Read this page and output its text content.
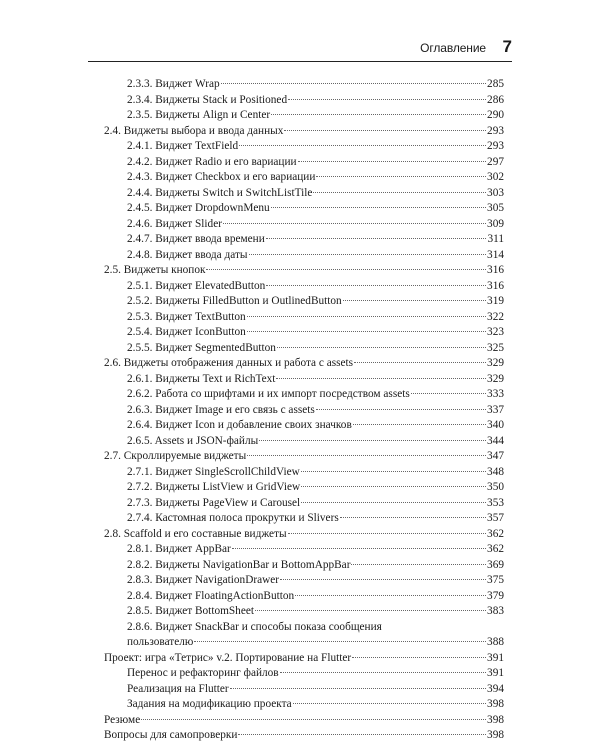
Оглавление 7
2.3.3. Виджет Wrap	285
2.3.4. Виджеты Stack и Positioned	286
2.3.5. Виджеты Align и Center	290
2.4. Виджеты выбора и ввода данных	293
2.4.1. Виджет TextField	293
2.4.2. Виджет Radio и его вариации	297
2.4.3. Виджет Checkbox и его вариации	302
2.4.4. Виджеты Switch и SwitchListTile	303
2.4.5. Виджет DropdownMenu	305
2.4.6. Виджет Slider	309
2.4.7. Виджет ввода времени	311
2.4.8. Виджет ввода даты	314
2.5. Виджеты кнопок	316
2.5.1. Виджет ElevatedButton	316
2.5.2. Виджеты FilledButton и OutlinedButton	319
2.5.3. Виджет TextButton	322
2.5.4. Виджет IconButton	323
2.5.5. Виджет SegmentedButton	325
2.6. Виджеты отображения данных и работа с assets	329
2.6.1. Виджеты Text и RichText	329
2.6.2. Работа со шрифтами и их импорт посредством assets	333
2.6.3. Виджет Image и его связь с assets	337
2.6.4. Виджет Icon и добавление своих значков	340
2.6.5. Assets и JSON-файлы	344
2.7. Скроллируемые виджеты	347
2.7.1. Виджет SingleScrollChildView	348
2.7.2. Виджеты ListView и GridView	350
2.7.3. Виджеты PageView и Carousel	353
2.7.4. Кастомная полоса прокрутки и Slivers	357
2.8. Scaffold и его составные виджеты	362
2.8.1. Виджет AppBar	362
2.8.2. Виджеты NavigationBar и BottomAppBar	369
2.8.3. Виджет NavigationDrawer	375
2.8.4. Виджет FloatingActionButton	379
2.8.5. Виджет BottomSheet	383
2.8.6. Виджет SnackBar и способы показа сообщения
пользователю	388
Проект: игра «Тетрис» v.2. Портирование на Flutter	391
Перенос и рефакторинг файлов	391
Реализация на Flutter	394
Задания на модификацию проекта	398
Резюме	398
Вопросы для самопроверки	398
